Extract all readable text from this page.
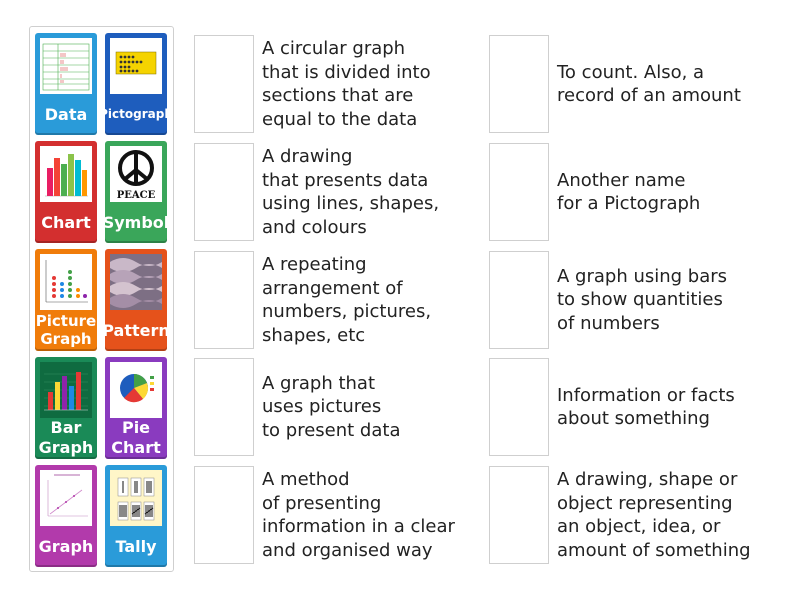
Data Pictograph
Chart
PEACE
Symbol
Picture
Graph Pattern
Bar
Graph
Pie
Chart
Graph	Tally
A circular graph
that is divided into
sections that are
equal to the data
A drawing
that presents data
using lines, shapes,
and colours
A repeating
arrangement of
numbers, pictures,
shapes, etc
A graph that
uses pictures
to present data
A method
of presenting
information in a clear
and organised way
To count. Also, a
record of an amount
Another name
for a Pictograph
A graph using bars
to show quantities
of numbers
Information or facts
about something
A drawing, shape or
object representing
an object, idea, or
amount of something
